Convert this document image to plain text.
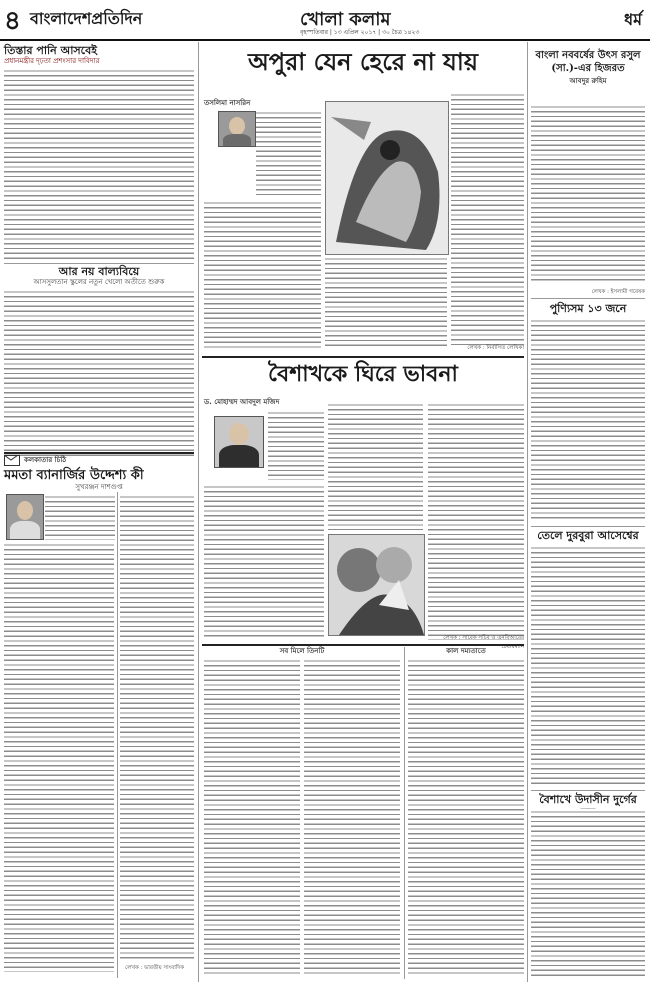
৪ বাংলাদেশপ্রতিদিন	খোলা কলাম
বৃহস্পতিবার | ১৩ এপ্রিল ২০১৭ | ৩০ চৈত্র ১৪২৩
ধর্ম
তিস্তার পানি আসবেই
প্রধানমন্ত্রীর দৃঢ়তা প্রশংসার দাবিদার
আর নয় বাল্যবিয়ে
আসসুলতান স্কুলের নতুন খেলো অতীতে শুরুক
কলকাতার চিঠি
মমতা ব্যানার্জির উদ্দেশ্য কী
সুখরঞ্জন দাশগুপ্ত
লেখক : ভারতীয় সাংবাদিক
অপুরা যেন হেরে না যায়
তসলিমা নাসরিন
লেখক : নির্বাসিত লেখিকা
বৈশাখকে ঘিরে ভাবনা
ড. মোহাম্মদ আবদুল মজিদ
লেখক : সাবেক সচিব ও এনবিআরের চেয়ারম্যান
সব মিলে তিনটি	কাল দম্যতাতে
বাংলা নববর্ষের উৎস রসুল (সা.)-এর হিজরত
আবদুর রুহিম
লেখক : ইসলামী গবেষক
পুণ্যিসম ১৩ জনে
তেলে দুরবুরা আসেশ্বের
বৈশাখে উদাসীন দুর্গের
